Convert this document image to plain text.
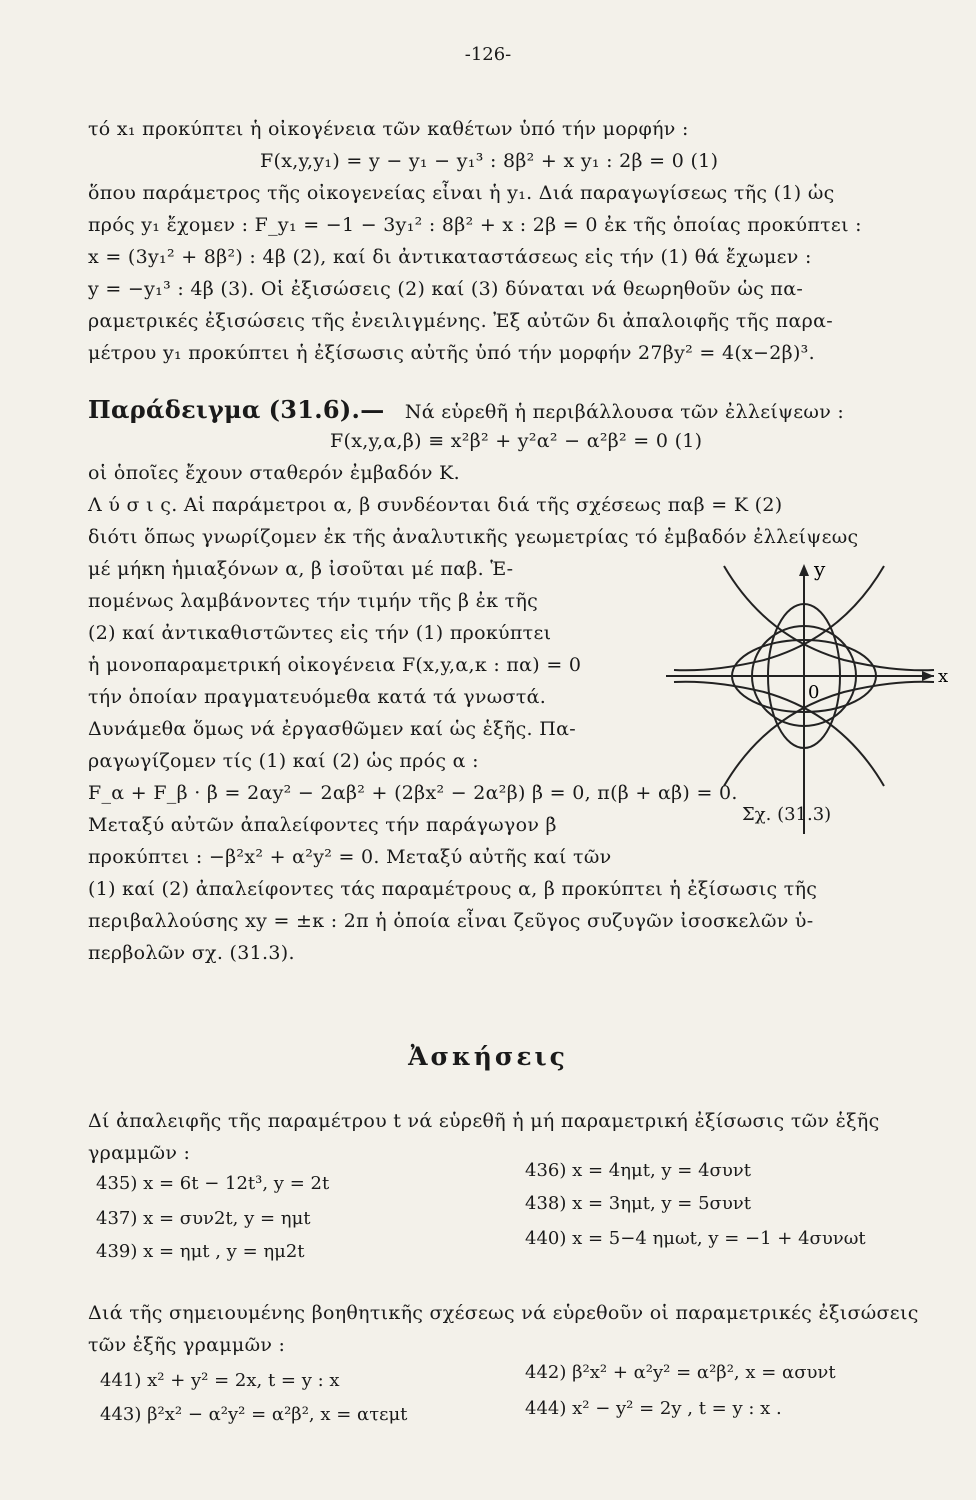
-126-
τό x₁ προκύπτει ἡ οἰκογένεια τῶν καθέτων ὑπό τήν μορφήν :
F(x,y,y₁) = y − y₁ − y₁³ : 8β² + x y₁ : 2β = 0 (1)
ὅπου παράμετρος τῆς οἰκογενείας εἶναι ἡ y₁. Διά παραγωγίσεως τῆς (1) ὡς
πρός y₁ ἔχομεν : F_y₁ = −1 − 3y₁² : 8β² + x : 2β = 0 ἐκ τῆς ὁποίας προκύπτει :
x = (3y₁² + 8β²) : 4β (2), καί δι ἀντικαταστάσεως εἰς τήν (1) θά ἔχωμεν :
y = −y₁³ : 4β (3). Οἱ ἐξισώσεις (2) καί (3) δύναται νά θεωρηθοῦν ὡς πα-
ραμετρικές ἐξισώσεις τῆς ἐνειλιγμένης. Ἐξ αὐτῶν δι ἀπαλοιφῆς τῆς παρα-
μέτρου y₁ προκύπτει ἡ ἐξίσωσις αὐτῆς ὑπό τήν μορφήν 27βy² = 4(x−2β)³.
Παράδειγμα (31.6).— Νά εὑρεθῆ ἡ περιβάλλουσα τῶν ἐλλείψεων :
F(x,y,α,β) ≡ x²β² + y²α² − α²β² = 0 (1)
οἱ ὁποῖες ἔχουν σταθερόν ἐμβαδόν Κ.
Λ ύ σ ι ς. Αἱ παράμετροι α, β συνδέονται διά τῆς σχέσεως παβ = Κ (2)
διότι ὅπως γνωρίζομεν ἐκ τῆς ἀναλυτικῆς γεωμετρίας τό ἐμβαδόν ἐλλείψεως
μέ μήκη ἡμιαξόνων α, β ἰσοῦται μέ παβ. Ἑ-
πομένως λαμβάνοντες τήν τιμήν τῆς β ἐκ τῆς
(2) καί ἀντικαθιστῶντες εἰς τήν (1) προκύπτει
ἡ μονοπαραμετρική οἰκογένεια F(x,y,α,κ : πα) = 0
τήν ὁποίαν πραγματευόμεθα κατά τά γνωστά.
Δυνάμεθα ὅμως νά ἐργασθῶμεν καί ὡς ἑξῆς. Πα-
ραγωγίζομεν τίς (1) καί (2) ὡς πρός α :
F_α + F_β · β̇ = 2αy² − 2αβ² + (2βx² − 2α²β) β̇ = 0, π(β + αβ̇) = 0.
Μεταξύ αὐτῶν ἀπαλείφοντες τήν παράγωγον β̇
προκύπτει : −β²x² + α²y² = 0. Μεταξύ αὐτῆς καί τῶν
(1) καί (2) ἀπαλείφοντες τάς παραμέτρους α, β προκύπτει ἡ ἐξίσωσις τῆς
περιβαλλούσης xy = ±κ : 2π ἡ ὁποία εἶναι ζεῦγος συζυγῶν ἰσοσκελῶν ὑ-
περβολῶν σχ. (31.3).
y
x
0
Σχ. (31.3)
Ἀσκήσεις
Δί ἀπαλειφῆς τῆς παραμέτρου t νά εὑρεθῆ ἡ μή παραμετρική ἐξίσωσις τῶν ἑξῆς
γραμμῶν :
435) x = 6t − 12t³, y = 2t
436) x = 4ημt, y = 4συνt
437) x = συν2t, y = ημt
438) x = 3ημt, y = 5συνt
439) x = ημt , y = ημ2t
440) x = 5−4 ημωt, y = −1 + 4συνωt
Διά τῆς σημειουμένης βοηθητικῆς σχέσεως νά εὑρεθοῦν οἱ παραμετρικές ἐξισώσεις
τῶν ἑξῆς γραμμῶν :
441) x² + y² = 2x, t = y : x	442) β²x² + α²y² = α²β², x = ασυνt
443) β²x² − α²y² = α²β², x = ατεμt	444) x² − y² = 2y , t = y : x .
